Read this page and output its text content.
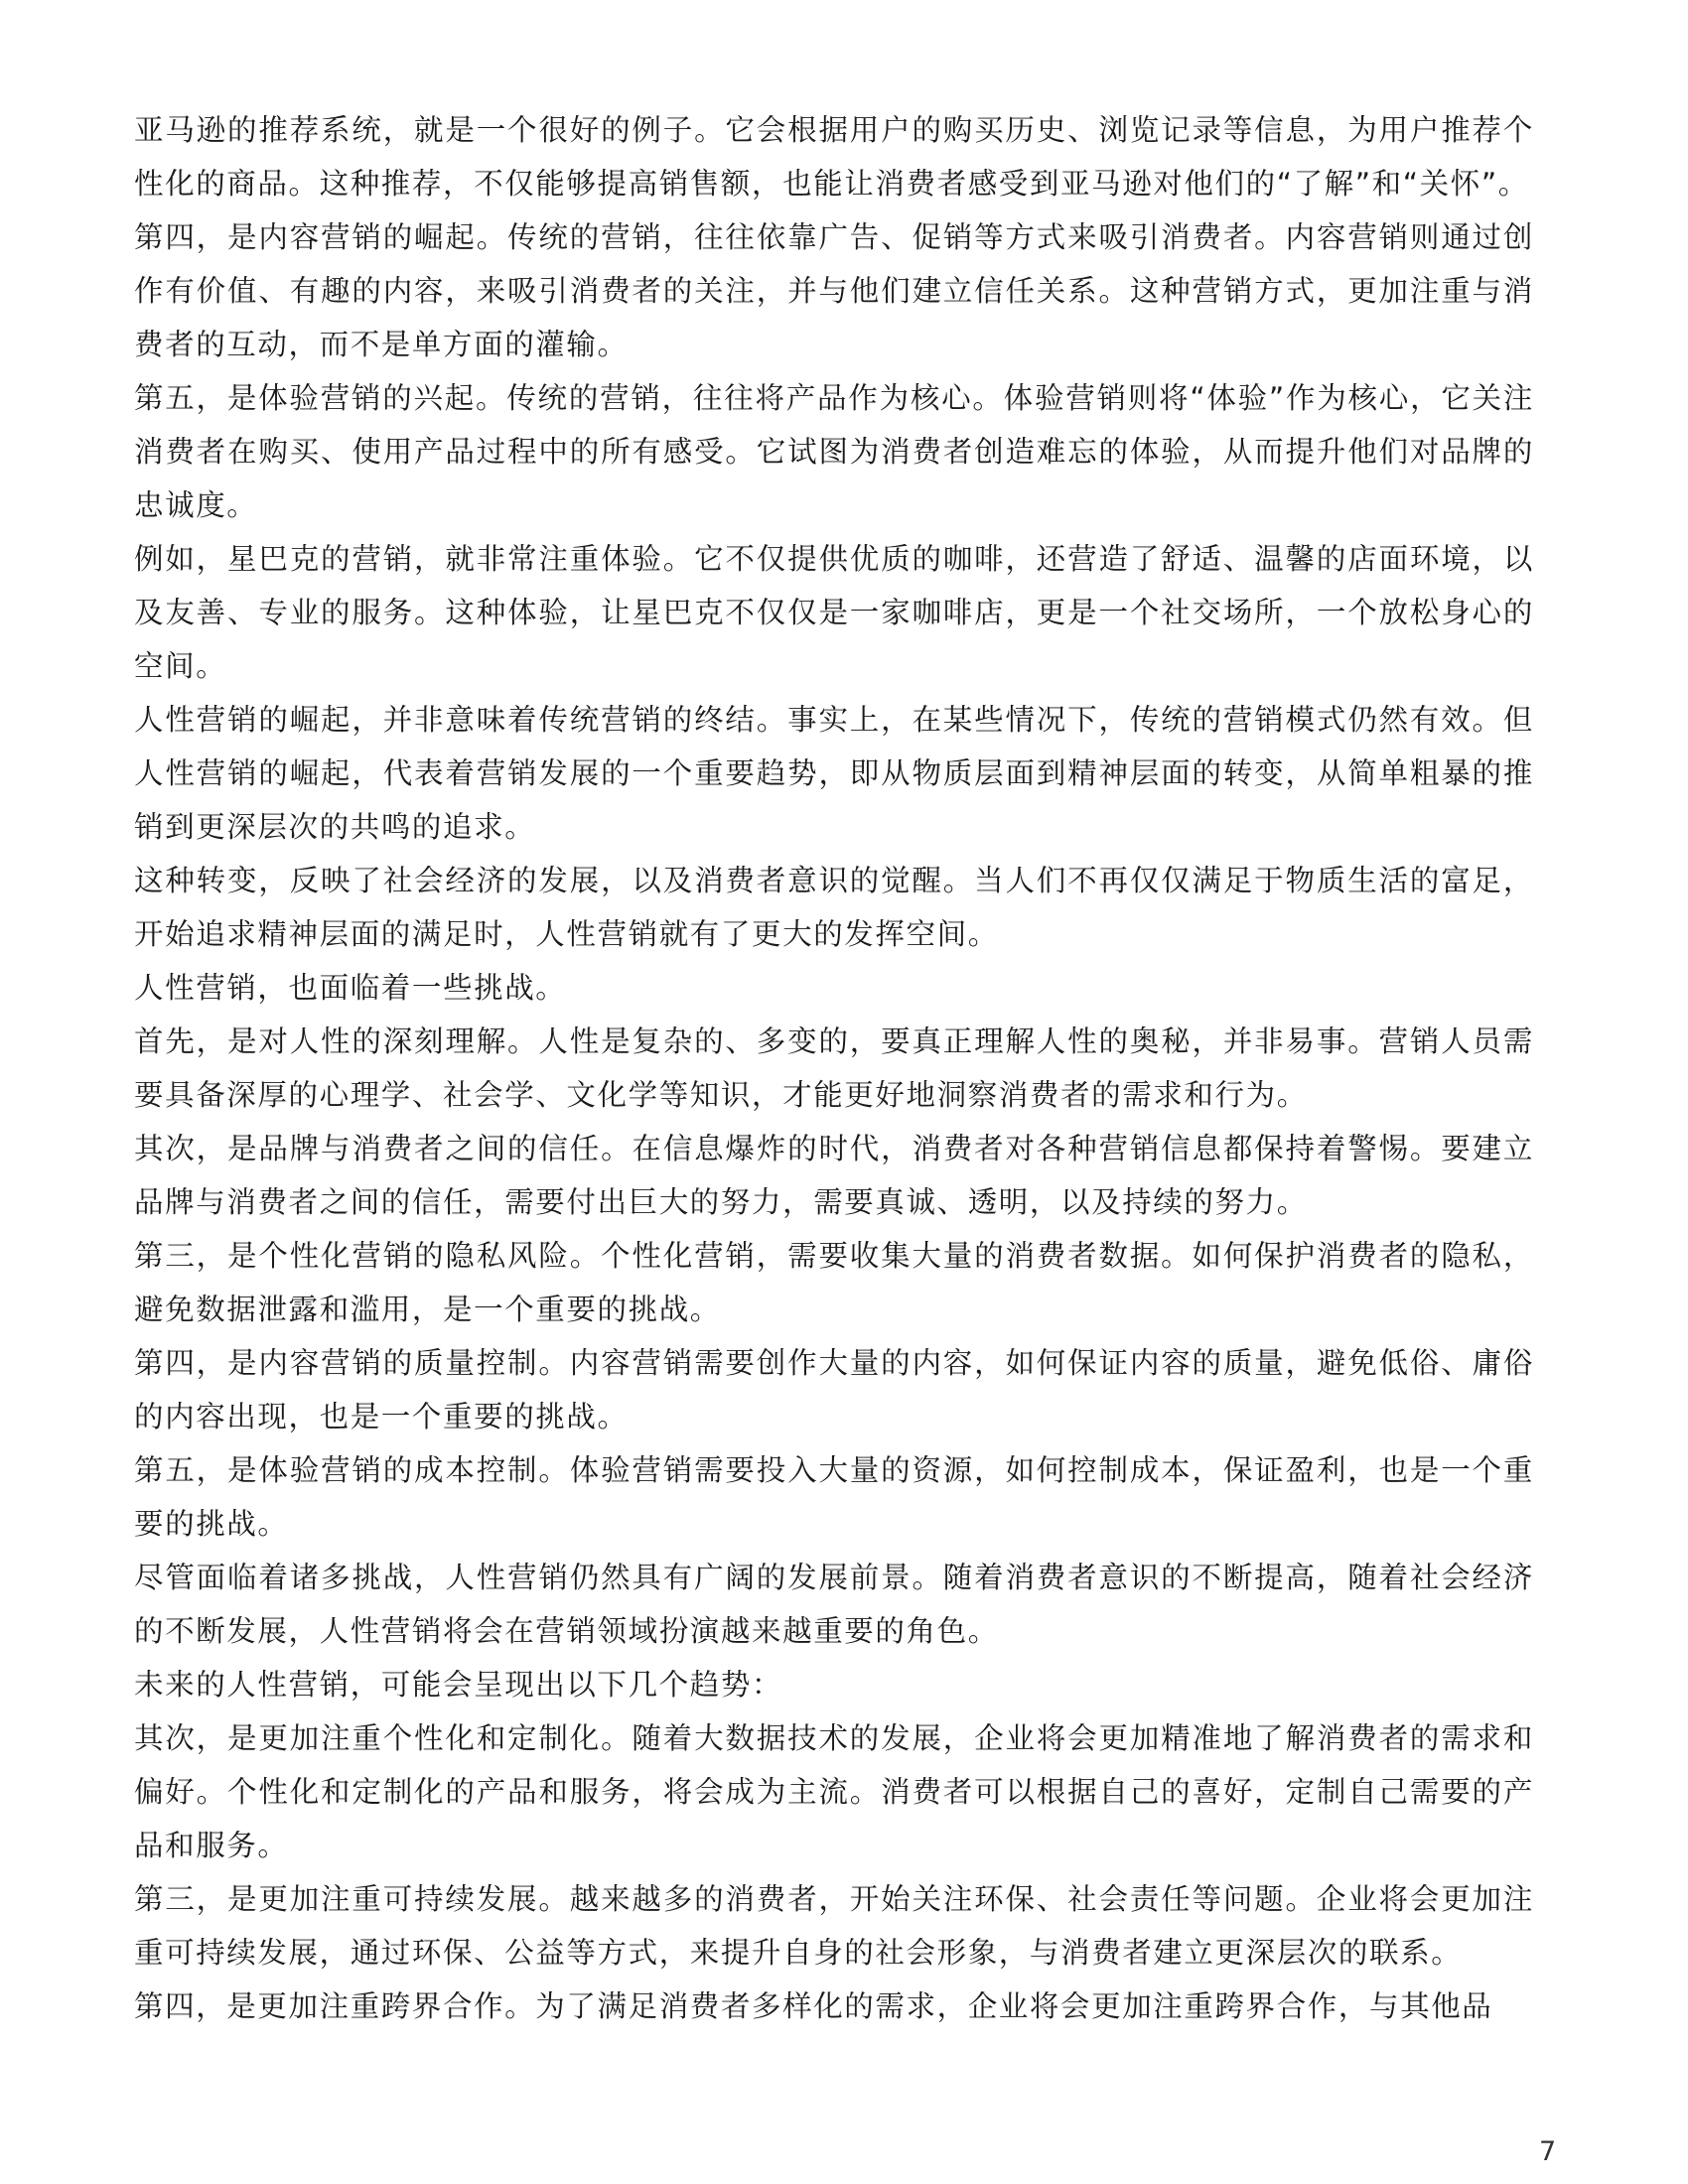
亚马逊的推荐系统，就是一个很好的例子。它会根据用户的购买历史、浏览记录等信息，为用户推荐个性化的商品。这种推荐，不仅能够提高销售额，也能让消费者感受到亚马逊对他们的“了解”和“关怀”。

第四，是内容营销的崛起。传统的营销，往往依靠广告、促销等方式来吸引消费者。内容营销则通过创作有价值、有趣的内容，来吸引消费者的关注，并与他们建立信任关系。这种营销方式，更加注重与消费者的互动，而不是单方面的灌输。

第五，是体验营销的兴起。传统的营销，往往将产品作为核心。体验营销则将“体验”作为核心，它关注消费者在购买、使用产品过程中的所有感受。它试图为消费者创造难忘的体验，从而提升他们对品牌的忠诚度。

例如，星巴克的营销，就非常注重体验。它不仅提供优质的咖啡，还营造了舒适、温馨的店面环境，以及友善、专业的服务。这种体验，让星巴克不仅仅是一家咖啡店，更是一个社交场所，一个放松身心的空间。

人性营销的崛起，并非意味着传统营销的终结。事实上，在某些情况下，传统的营销模式仍然有效。但人性营销的崛起，代表着营销发展的一个重要趋势，即从物质层面到精神层面的转变，从简单粗暴的推销到更深层次的共鸣的追求。

这种转变，反映了社会经济的发展，以及消费者意识的觉醒。当人们不再仅仅满足于物质生活的富足，开始追求精神层面的满足时，人性营销就有了更大的发挥空间。

人性营销，也面临着一些挑战。

首先，是对人性的深刻理解。人性是复杂的、多变的，要真正理解人性的奥秘，并非易事。营销人员需要具备深厚的心理学、社会学、文化学等知识，才能更好地洞察消费者的需求和行为。

其次，是品牌与消费者之间的信任。在信息爆炸的时代，消费者对各种营销信息都保持着警惕。要建立品牌与消费者之间的信任，需要付出巨大的努力，需要真诚、透明，以及持续的努力。

第三，是个性化营销的隐私风险。个性化营销，需要收集大量的消费者数据。如何保护消费者的隐私，避免数据泄露和滥用，是一个重要的挑战。

第四，是内容营销的质量控制。内容营销需要创作大量的内容，如何保证内容的质量，避免低俗、庸俗的内容出现，也是一个重要的挑战。

第五，是体验营销的成本控制。体验营销需要投入大量的资源，如何控制成本，保证盈利，也是一个重要的挑战。

尽管面临着诸多挑战，人性营销仍然具有广阔的发展前景。随着消费者意识的不断提高，随着社会经济的不断发展，人性营销将会在营销领域扮演越来越重要的角色。

未来的人性营销，可能会呈现出以下几个趋势：

其次，是更加注重个性化和定制化。随着大数据技术的发展，企业将会更加精准地了解消费者的需求和偏好。个性化和定制化的产品和服务，将会成为主流。消费者可以根据自己的喜好，定制自己需要的产品和服务。

第三，是更加注重可持续发展。越来越多的消费者，开始关注环保、社会责任等问题。企业将会更加注重可持续发展，通过环保、公益等方式，来提升自身的社会形象，与消费者建立更深层次的联系。

第四，是更加注重跨界合作。为了满足消费者多样化的需求，企业将会更加注重跨界合作，与其他品

7
